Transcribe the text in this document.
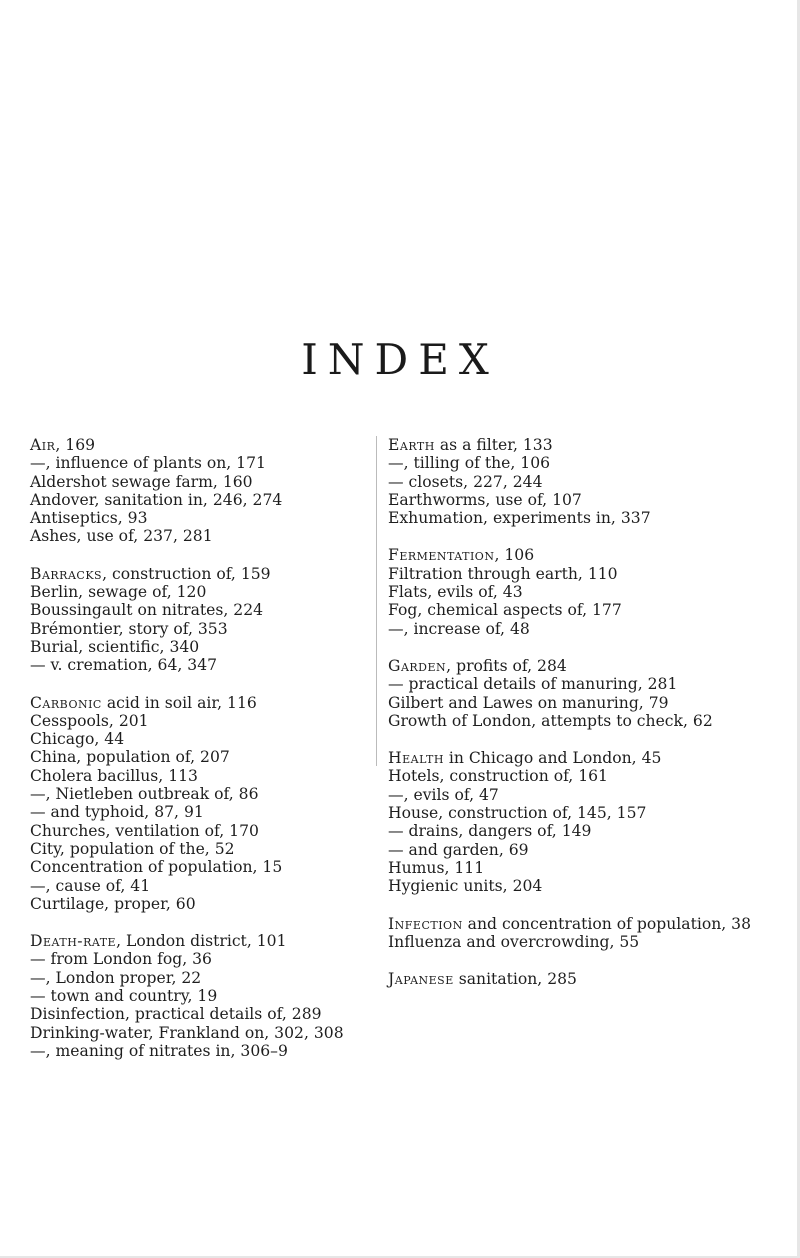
INDEX
Air, 169
—, influence of plants on, 171
Aldershot sewage farm, 160
Andover, sanitation in, 246, 274
Antiseptics, 93
Ashes, use of, 237, 281
Barracks, construction of, 159
Berlin, sewage of, 120
Boussingault on nitrates, 224
Brémontier, story of, 353
Burial, scientific, 340
— v. cremation, 64, 347
Carbonic acid in soil air, 116
Cesspools, 201
Chicago, 44
China, population of, 207
Cholera bacillus, 113
—, Nietleben outbreak of, 86
— and typhoid, 87, 91
Churches, ventilation of, 170
City, population of the, 52
Concentration of population, 15
—, cause of, 41
Curtilage, proper, 60
Death-rate, London district, 101
— from London fog, 36
—, London proper, 22
— town and country, 19
Disinfection, practical details of, 289
Drinking-water, Frankland on, 302, 308
—, meaning of nitrates in, 306–9
Earth as a filter, 133
—, tilling of the, 106
— closets, 227, 244
Earthworms, use of, 107
Exhumation, experiments in, 337
Fermentation, 106
Filtration through earth, 110
Flats, evils of, 43
Fog, chemical aspects of, 177
—, increase of, 48
Garden, profits of, 284
— practical details of manuring, 281
Gilbert and Lawes on manuring, 79
Growth of London, attempts to check, 62
Health in Chicago and London, 45
Hotels, construction of, 161
—, evils of, 47
House, construction of, 145, 157
— drains, dangers of, 149
— and garden, 69
Humus, 111
Hygienic units, 204
Infection and concentration of population, 38
Influenza and overcrowding, 55
Japanese sanitation, 285
